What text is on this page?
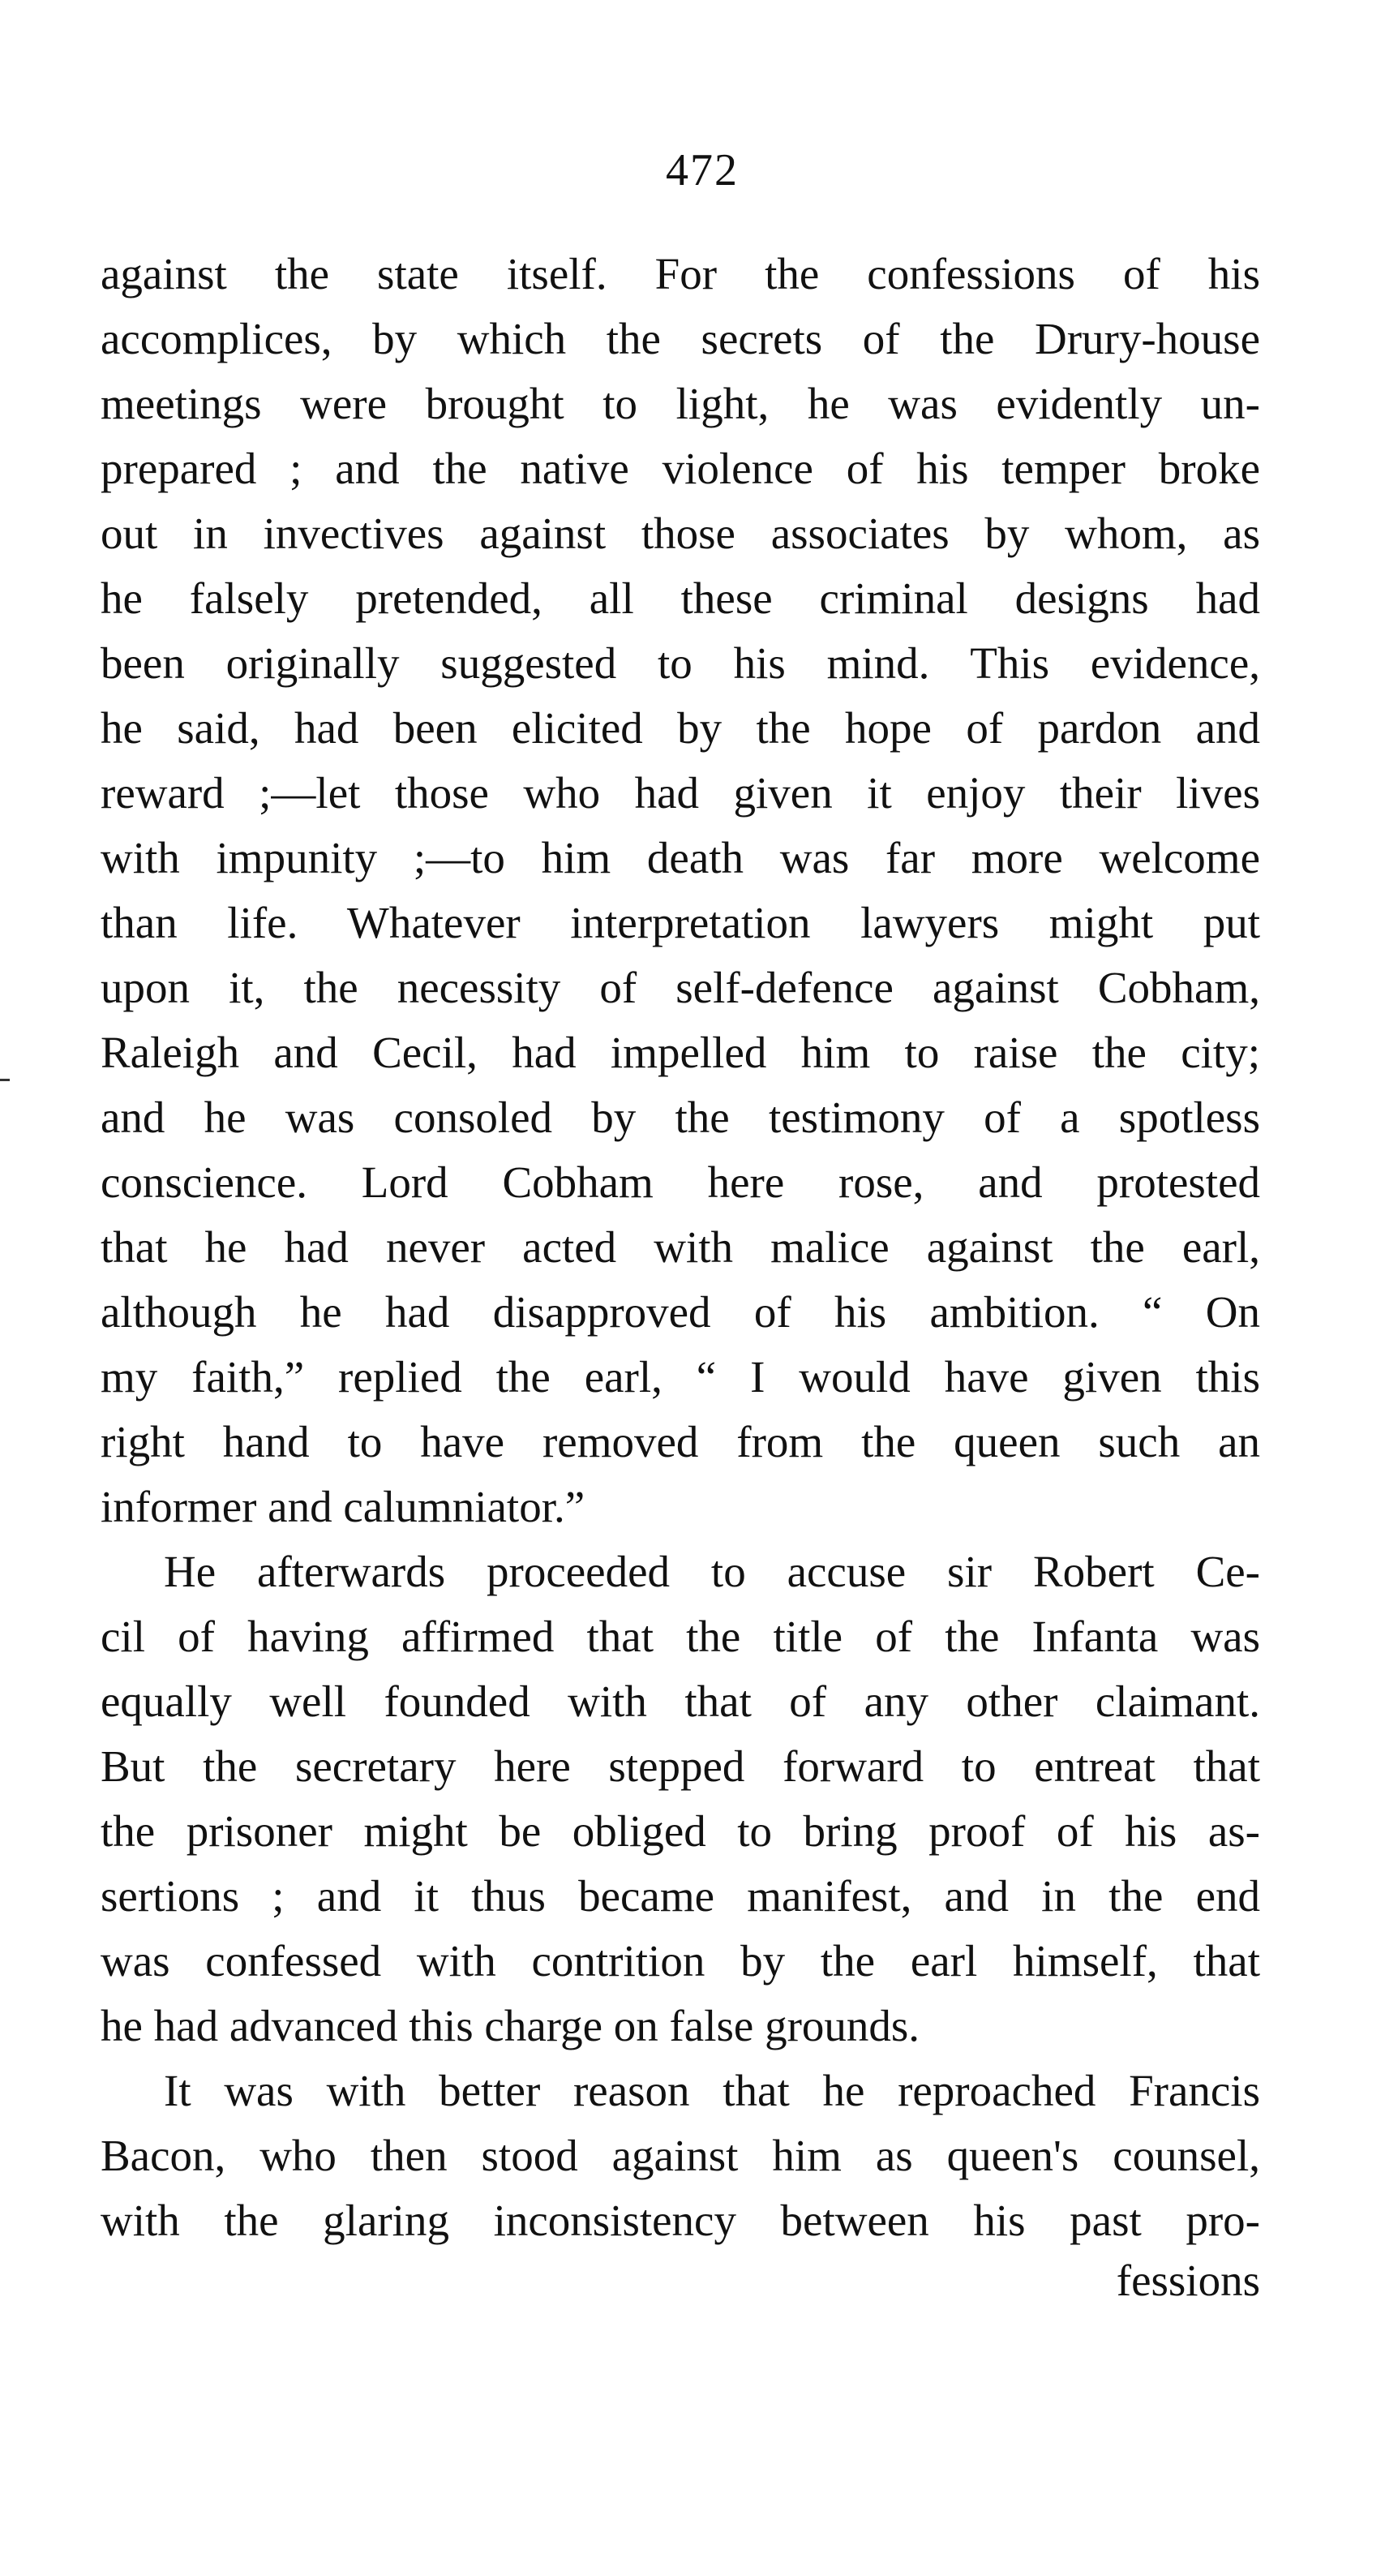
472

against the state itself. For the confessions of his

accomplices, by which the secrets of the Drury-house

meetings were brought to light, he was evidently un-

prepared ; and the native violence of his temper broke

out in invectives against those associates by whom, as

he falsely pretended, all these criminal designs had

been originally suggested to his mind. This evidence,

he said, had been elicited by the hope of pardon and

reward ;—let those who had given it enjoy their lives

with impunity ;—to him death was far more welcome

than life. Whatever interpretation lawyers might put

upon it, the necessity of self-defence against Cobham,

Raleigh and Cecil, had impelled him to raise the city;

and he was consoled by the testimony of a spotless

conscience. Lord Cobham here rose, and protested

that he had never acted with malice against the earl,

although he had disapproved of his ambition. “ On

my faith,” replied the earl, “ I would have given this

right hand to have removed from the queen such an

informer and calumniator.”

He afterwards proceeded to accuse sir Robert Ce-

cil of having affirmed that the title of the Infanta was

equally well founded with that of any other claimant.

But the secretary here stepped forward to entreat that

the prisoner might be obliged to bring proof of his as-

sertions ; and it thus became manifest, and in the end

was confessed with contrition by the earl himself, that

he had advanced this charge on false grounds.

It was with better reason that he reproached Francis

Bacon, who then stood against him as queen's counsel,

with the glaring inconsistency between his past pro-

fessions
